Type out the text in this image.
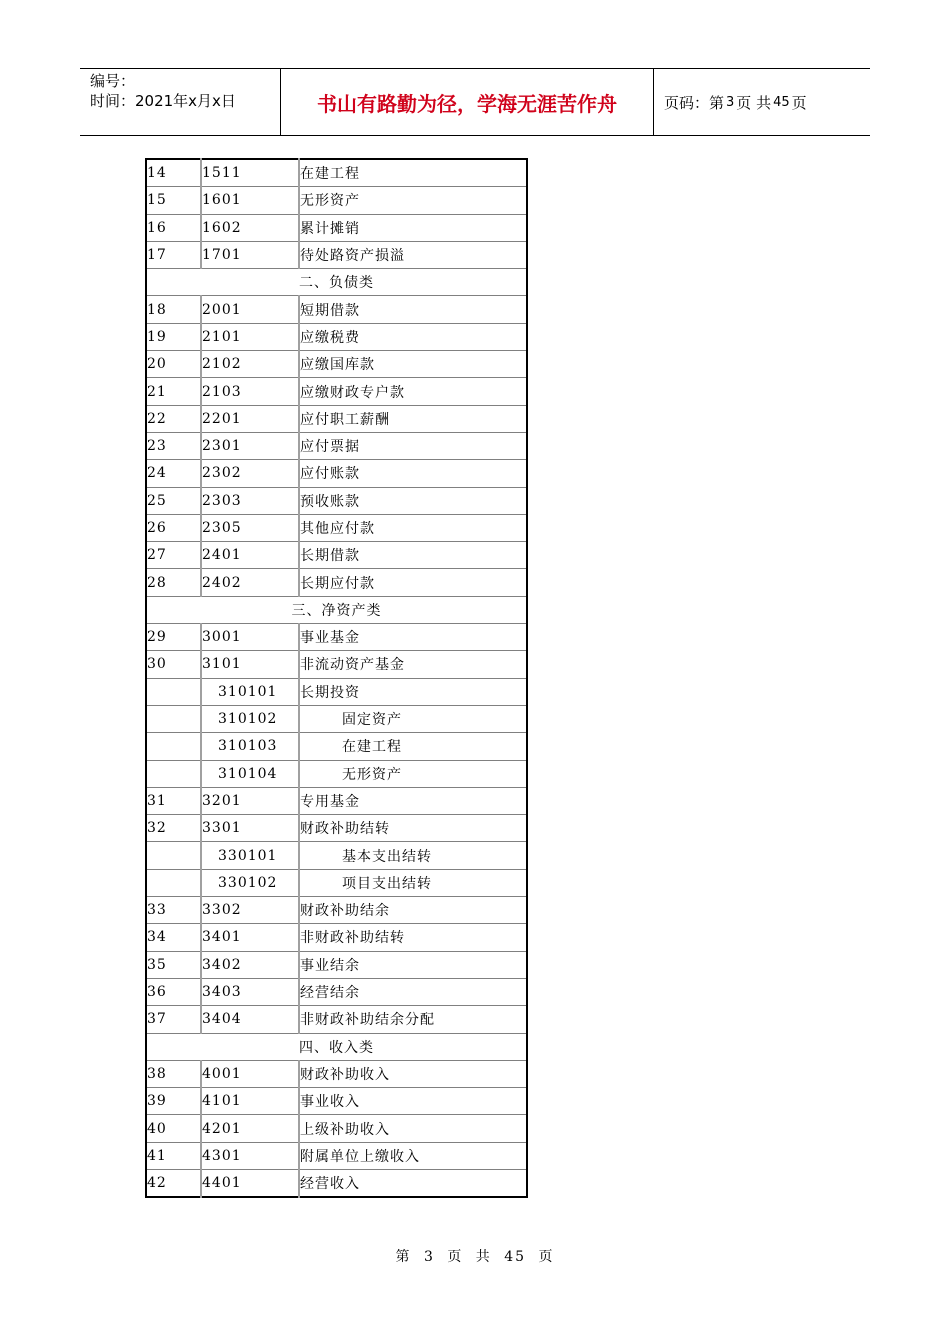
编号：
时间：2021年x月x日	书山有路勤为径，学海无涯苦作舟	页码：第 3 页 共 45 页
14	1511	在建工程
15	1601	无形资产
16	1602	累计摊销
17	1701	待处路资产损溢
二、负债类		
18	2001	短期借款
19	2101	应缴税费
20	2102	应缴国库款
21	2103	应缴财政专户款
22	2201	应付职工薪酬
23	2301	应付票据
24	2302	应付账款
25	2303	预收账款
26	2305	其他应付款
27	2401	长期借款
28	2402	长期应付款
三、净资产类		
29	3001	事业基金
30	3101	非流动资产基金
	310101	长期投资
	310102	固定资产
	310103	在建工程
	310104	无形资产
31	3201	专用基金
32	3301	财政补助结转
	330101	基本支出结转
	330102	项目支出结转
33	3302	财政补助结余
34	3401	非财政补助结转
35	3402	事业结余
36	3403	经营结余
37	3404	非财政补助结余分配
四、收入类		
38	4001	财政补助收入
39	4101	事业收入
40	4201	上级补助收入
41	4301	附属单位上缴收入
42	4401	经营收入
第 3 页 共 45 页
